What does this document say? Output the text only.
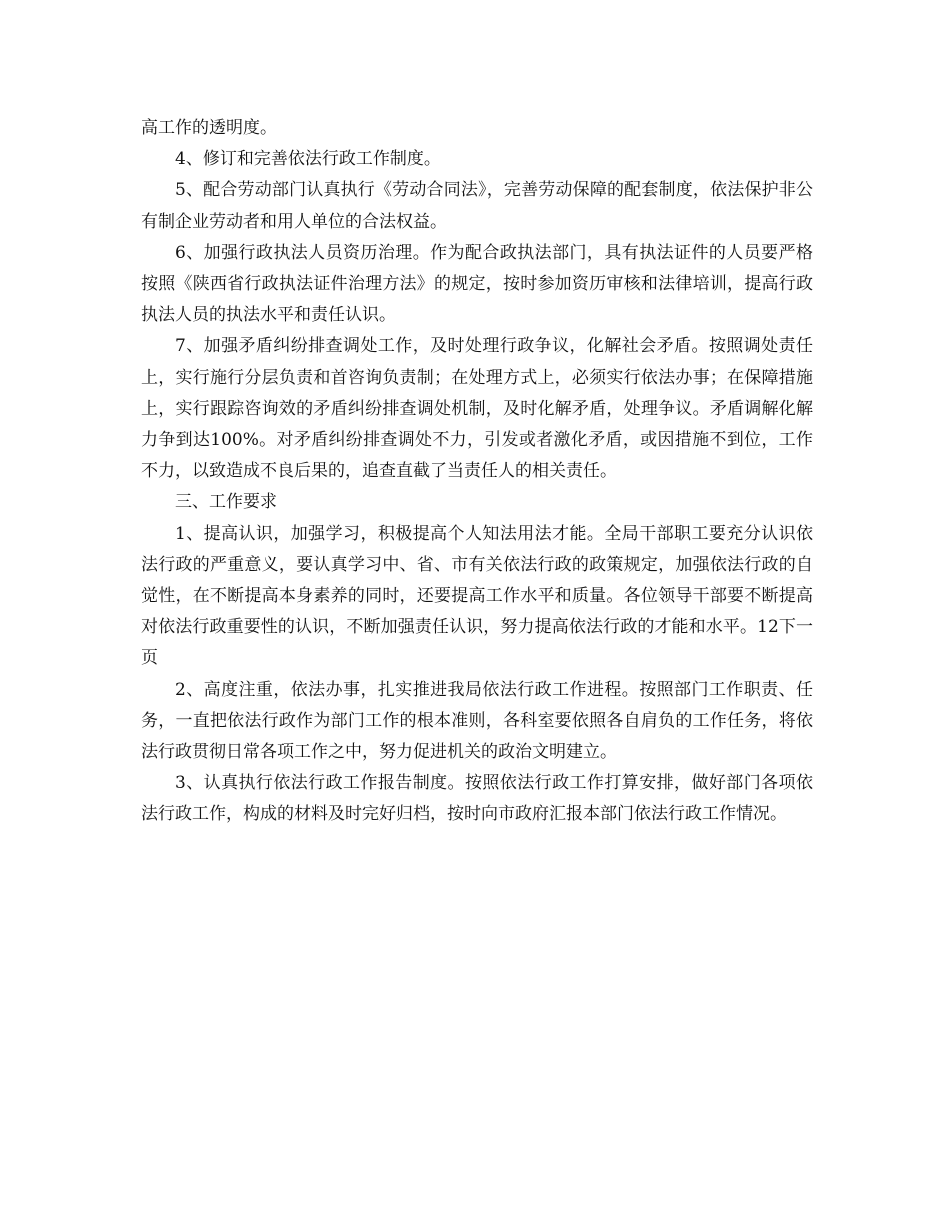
高工作的透明度。

4、修订和完善依法行政工作制度。

5、配合劳动部门认真执行《劳动合同法》，完善劳动保障的配套制度，依法保护非公有制企业劳动者和用人单位的合法权益。

6、加强行政执法人员资历治理。作为配合政执法部门，具有执法证件的人员要严格按照《陕西省行政执法证件治理方法》的规定，按时参加资历审核和法律培训，提高行政执法人员的执法水平和责任认识。

7、加强矛盾纠纷排查调处工作，及时处理行政争议，化解社会矛盾。按照调处责任上，实行施行分层负责和首咨询负责制；在处理方式上，必须实行依法办事；在保障措施上，实行跟踪咨询效的矛盾纠纷排查调处机制，及时化解矛盾，处理争议。矛盾调解化解力争到达100%。对矛盾纠纷排查调处不力，引发或者激化矛盾，或因措施不到位，工作不力，以致造成不良后果的，追查直截了当责任人的相关责任。

三、工作要求

1、提高认识，加强学习，积极提高个人知法用法才能。全局干部职工要充分认识依法行政的严重意义，要认真学习中、省、市有关依法行政的政策规定，加强依法行政的自觉性，在不断提高本身素养的同时，还要提高工作水平和质量。各位领导干部要不断提高对依法行政重要性的认识，不断加强责任认识，努力提高依法行政的才能和水平。12下一页

2、高度注重，依法办事，扎实推进我局依法行政工作进程。按照部门工作职责、任务，一直把依法行政作为部门工作的根本准则，各科室要依照各自肩负的工作任务，将依法行政贯彻日常各项工作之中，努力促进机关的政治文明建立。

3、认真执行依法行政工作报告制度。按照依法行政工作打算安排，做好部门各项依法行政工作，构成的材料及时完好归档，按时向市政府汇报本部门依法行政工作情况。
